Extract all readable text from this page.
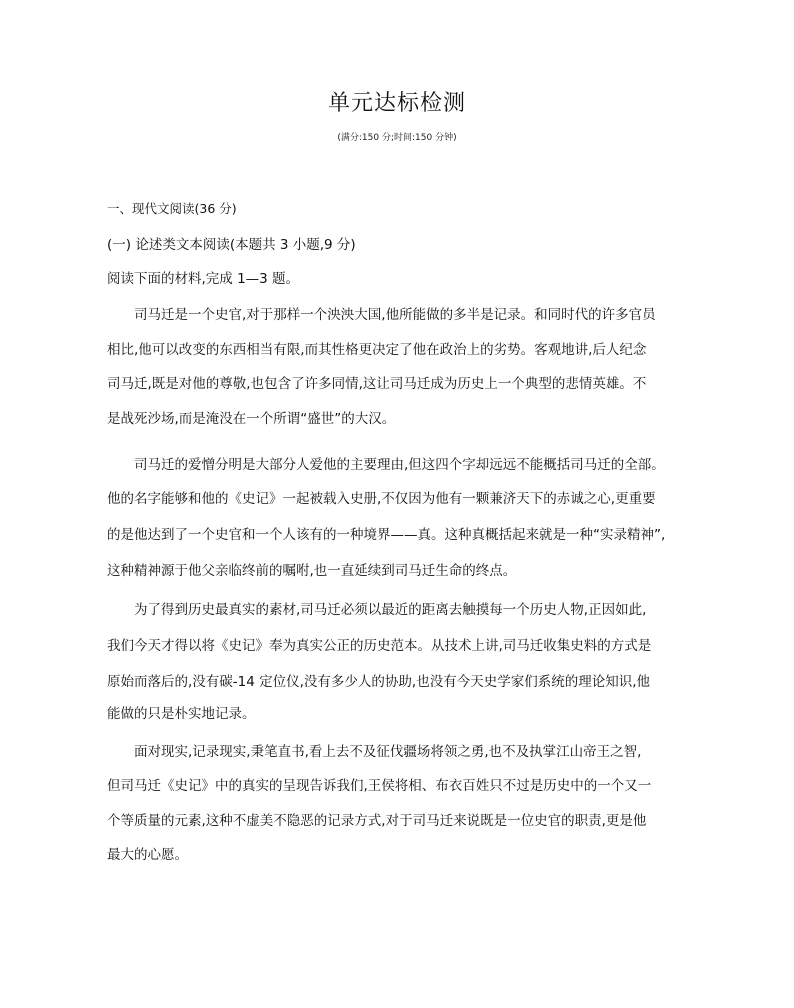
单元达标检测
(满分:150 分;时间:150 分钟)
一、现代文阅读(36 分)
(一) 论述类文本阅读(本题共 3 小题,9 分)
阅读下面的材料,完成 1—3 题。
司马迁是一个史官,对于那样一个泱泱大国,他所能做的多半是记录。和同时代的许多官员
相比,他可以改变的东西相当有限,而其性格更决定了他在政治上的劣势。客观地讲,后人纪念
司马迁,既是对他的尊敬,也包含了许多同情,这让司马迁成为历史上一个典型的悲情英雄。不
是战死沙场,而是淹没在一个所谓“盛世”的大汉。
司马迁的爱憎分明是大部分人爱他的主要理由,但这四个字却远远不能概括司马迁的全部。
他的名字能够和他的《史记》一起被载入史册,不仅因为他有一颗兼济天下的赤诚之心,更重要
的是他达到了一个史官和一个人该有的一种境界——真。这种真概括起来就是一种“实录精神”,
这种精神源于他父亲临终前的嘱咐,也一直延续到司马迁生命的终点。
为了得到历史最真实的素材,司马迁必须以最近的距离去触摸每一个历史人物,正因如此,
我们今天才得以将《史记》奉为真实公正的历史范本。从技术上讲,司马迁收集史料的方式是
原始而落后的,没有碳-14 定位仪,没有多少人的协助,也没有今天史学家们系统的理论知识,他
能做的只是朴实地记录。
面对现实,记录现实,秉笔直书,看上去不及征伐疆场将领之勇,也不及执掌江山帝王之智,
但司马迁《史记》中的真实的呈现告诉我们,王侯将相、布衣百姓只不过是历史中的一个又一
个等质量的元素,这种不虚美不隐恶的记录方式,对于司马迁来说既是一位史官的职责,更是他
最大的心愿。
